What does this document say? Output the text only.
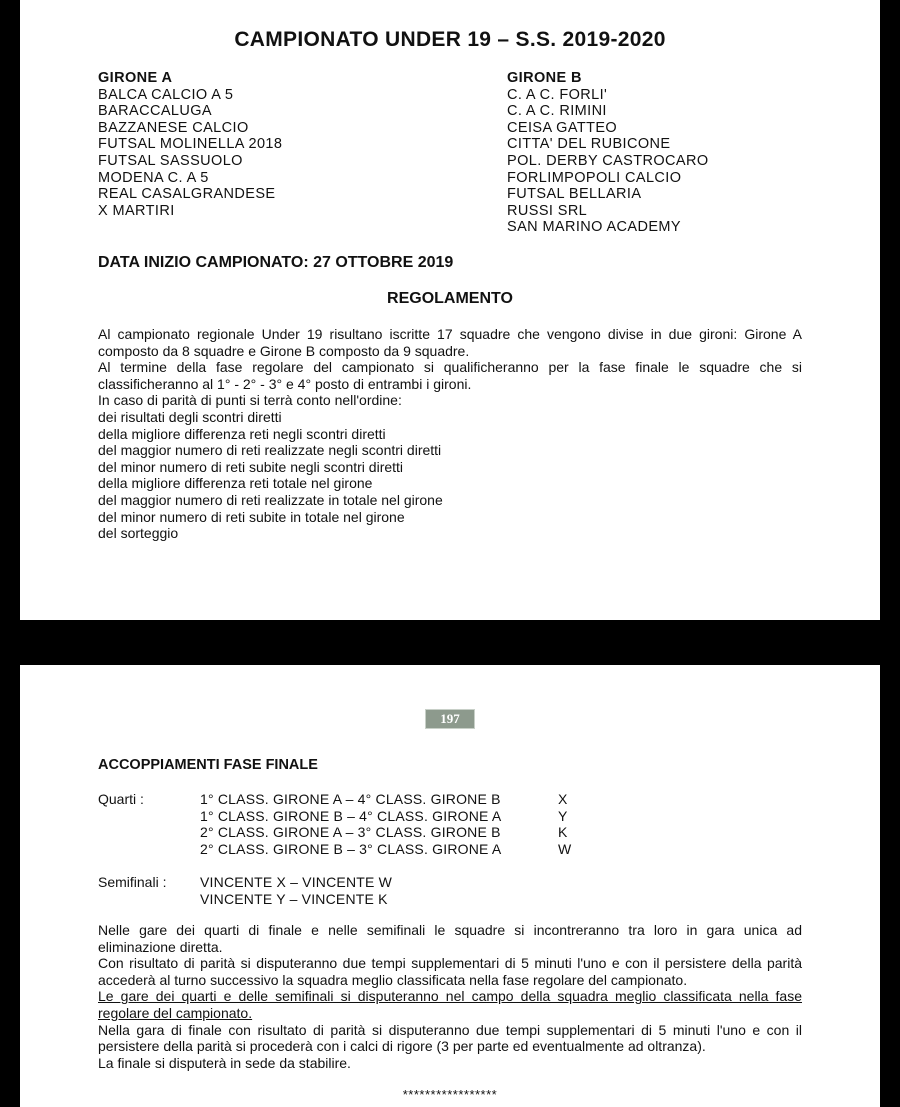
CAMPIONATO UNDER 19 – S.S. 2019-2020
GIRONE A
BALCA CALCIO A 5
BARACCALUGA
BAZZANESE CALCIO
FUTSAL MOLINELLA 2018
FUTSAL SASSUOLO
MODENA C. A 5
REAL CASALGRANDESE
X MARTIRI
GIRONE B
C. A C. FORLI'
C. A C. RIMINI
CEISA GATTEO
CITTA' DEL RUBICONE
POL. DERBY CASTROCARO
FORLIMPOPOLI CALCIO
FUTSAL BELLARIA
RUSSI SRL
SAN MARINO ACADEMY
DATA INIZIO CAMPIONATO: 27 OTTOBRE 2019
REGOLAMENTO

Al campionato regionale Under 19 risultano iscritte 17 squadre che vengono divise in due gironi: Girone A

composto da 8 squadre e Girone B composto da 9 squadre.

Al termine della fase regolare del campionato si qualificheranno per la fase finale le squadre che si

classificheranno al 1° - 2° - 3° e 4° posto di entrambi i gironi.

In caso di parità di punti si terrà conto nell'ordine:

dei risultati degli scontri diretti

della migliore differenza reti negli scontri diretti

del maggior numero di reti realizzate negli scontri diretti

del minor numero di reti subite negli scontri diretti

della migliore differenza reti totale nel girone

del maggior numero di reti realizzate in totale nel girone

del minor numero di reti subite in totale nel girone

del sorteggio

197
ACCOPPIAMENTI FASE FINALE
Quarti :	1° CLASS. GIRONE A – 4° CLASS. GIRONE B	X
1° CLASS. GIRONE B – 4° CLASS. GIRONE A	Y
2° CLASS. GIRONE A – 3° CLASS. GIRONE B	K
2° CLASS. GIRONE B – 3° CLASS. GIRONE A	W
Semifinali : VINCENTE X – VINCENTE W
VINCENTE Y – VINCENTE K

Nelle gare dei quarti di finale e nelle semifinali le squadre si incontreranno tra loro in gara unica ad

eliminazione diretta.

Con risultato di parità si disputeranno due tempi supplementari di 5 minuti l'uno e con il persistere della parità

accederà al turno successivo la squadra meglio classificata nella fase regolare del campionato.

Le gare dei quarti e delle semifinali si disputeranno nel campo della squadra meglio classificata nella fase

regolare del campionato.

Nella gara di finale con risultato di parità si disputeranno due tempi supplementari di 5 minuti l'uno e con il

persistere della parità si procederà con i calci di rigore (3 per parte ed eventualmente ad oltranza).

La finale si disputerà in sede da stabilire.

*****************
